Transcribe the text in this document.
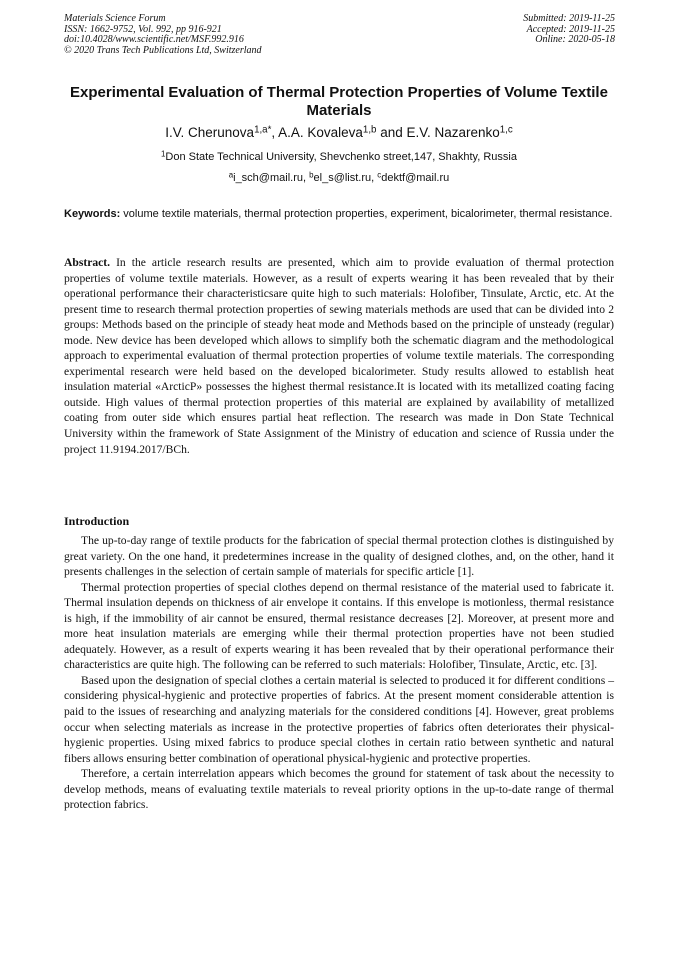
Materials Science Forum
ISSN: 1662-9752, Vol. 992, pp 916-921
doi:10.4028/www.scientific.net/MSF.992.916
© 2020 Trans Tech Publications Ltd, Switzerland
Submitted: 2019-11-25
Accepted: 2019-11-25
Online: 2020-05-18
Experimental Evaluation of Thermal Protection Properties of Volume Textile Materials
I.V. Cherunova$^{1,a*}$, A.A. Kovaleva$^{1,b}$ and E.V. Nazarenko$^{1,c}$
$^1$Don State Technical University, Shevchenko street,147, Shakhty, Russia
$^a$i_sch@mail.ru, $^b$el_s@list.ru, $^c$dektf@mail.ru
Keywords: volume textile materials, thermal protection properties, experiment, bicalorimeter, thermal resistance.
Abstract. In the article research results are presented, which aim to provide evaluation of thermal protection properties of volume textile materials. However, as a result of experts wearing it has been revealed that by their operational performance their characteristicsare quite high to such materials: Holofiber, Tinsulate, Arctic, etc. At the present time to research thermal protection properties of sewing materials methods are used that can be divided into 2 groups: Methods based on the principle of steady heat mode and Methods based on the principle of unsteady (regular) mode. New device has been developed which allows to simplify both the schematic diagram and the methodological approach to experimental evaluation of thermal protection properties of volume textile materials. The corresponding experimental research were held based on the developed bicalorimeter. Study results allowed to establish heat insulation material «ArcticP» possesses the highest thermal resistance.It is located with its metallized coating facing outside. High values of thermal protection properties of this material are explained by availability of metallized coating from outer side which ensures partial heat reflection. The research was made in Don State Technical University within the framework of State Assignment of the Ministry of education and science of Russia under the project 11.9194.2017/BCh.
Introduction

The up-to-day range of textile products for the fabrication of special thermal protection clothes is distinguished by great variety. On the one hand, it predetermines increase in the quality of designed clothes, and, on the other, hand it presents challenges in the selection of certain sample of materials for specific article [1].

Thermal protection properties of special clothes depend on thermal resistance of the material used to fabricate it. Thermal insulation depends on thickness of air envelope it contains. If this envelope is motionless, thermal resistance is high, if the immobility of air cannot be ensured, thermal resistance decreases [2]. Moreover, at present more and more heat insulation materials are emerging while their thermal protection properties have not been studied adequately. However, as a result of experts wearing it has been revealed that by their operational performance their characteristics are quite high. The following can be referred to such materials: Holofiber, Tinsulate, Arctic, etc. [3].

Based upon the designation of special clothes a certain material is selected to produced it for different conditions – considering physical-hygienic and protective properties of fabrics. At the present moment considerable attention is paid to the issues of researching and analyzing materials for the considered conditions [4]. However, great problems occur when selecting materials as increase in the protective properties of fabrics often deteriorates their physical-hygienic properties. Using mixed fabrics to produce special clothes in certain ratio between synthetic and natural fibers allows ensuring better combination of operational physical-hygienic and protective properties.

Therefore, a certain interrelation appears which becomes the ground for statement of task about the necessity to develop methods, means of evaluating textile materials to reveal priority options in the up-to-date range of thermal protection fabrics.
